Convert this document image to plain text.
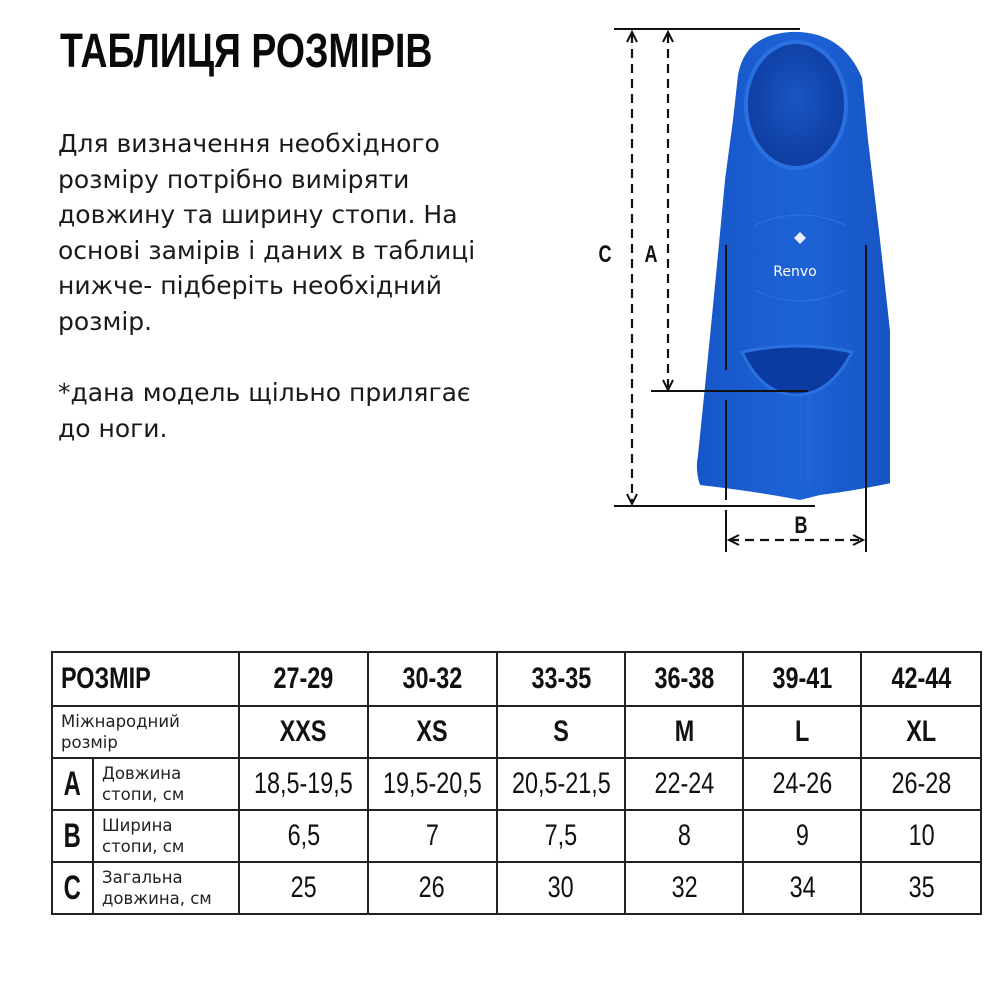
ТАБЛИЦЯ РОЗМІРІВ

Для визначення необхідного
розміру потрібно виміряти
довжину та ширину стопи. На
основі замірів і даних в таблиці
нижче- підберіть необхідний
розмір.

*дана модель щільно прилягає
до ноги.

Renvo
C A
B
РОЗМІР		27-29	30-32	33-35	36-38	39-41	42-44

Міжнародний
розмір		XXS	XS	S	M	L	XL
A	Довжина
стопи, см	18,5-19,5	19,5-20,5	20,5-21,5	22-24	24-26	26-28
B	Ширина
стопи, см	6,5	7	7,5	8	9	10
C	Загальна
довжина, см	25	26	30	32	34	35
